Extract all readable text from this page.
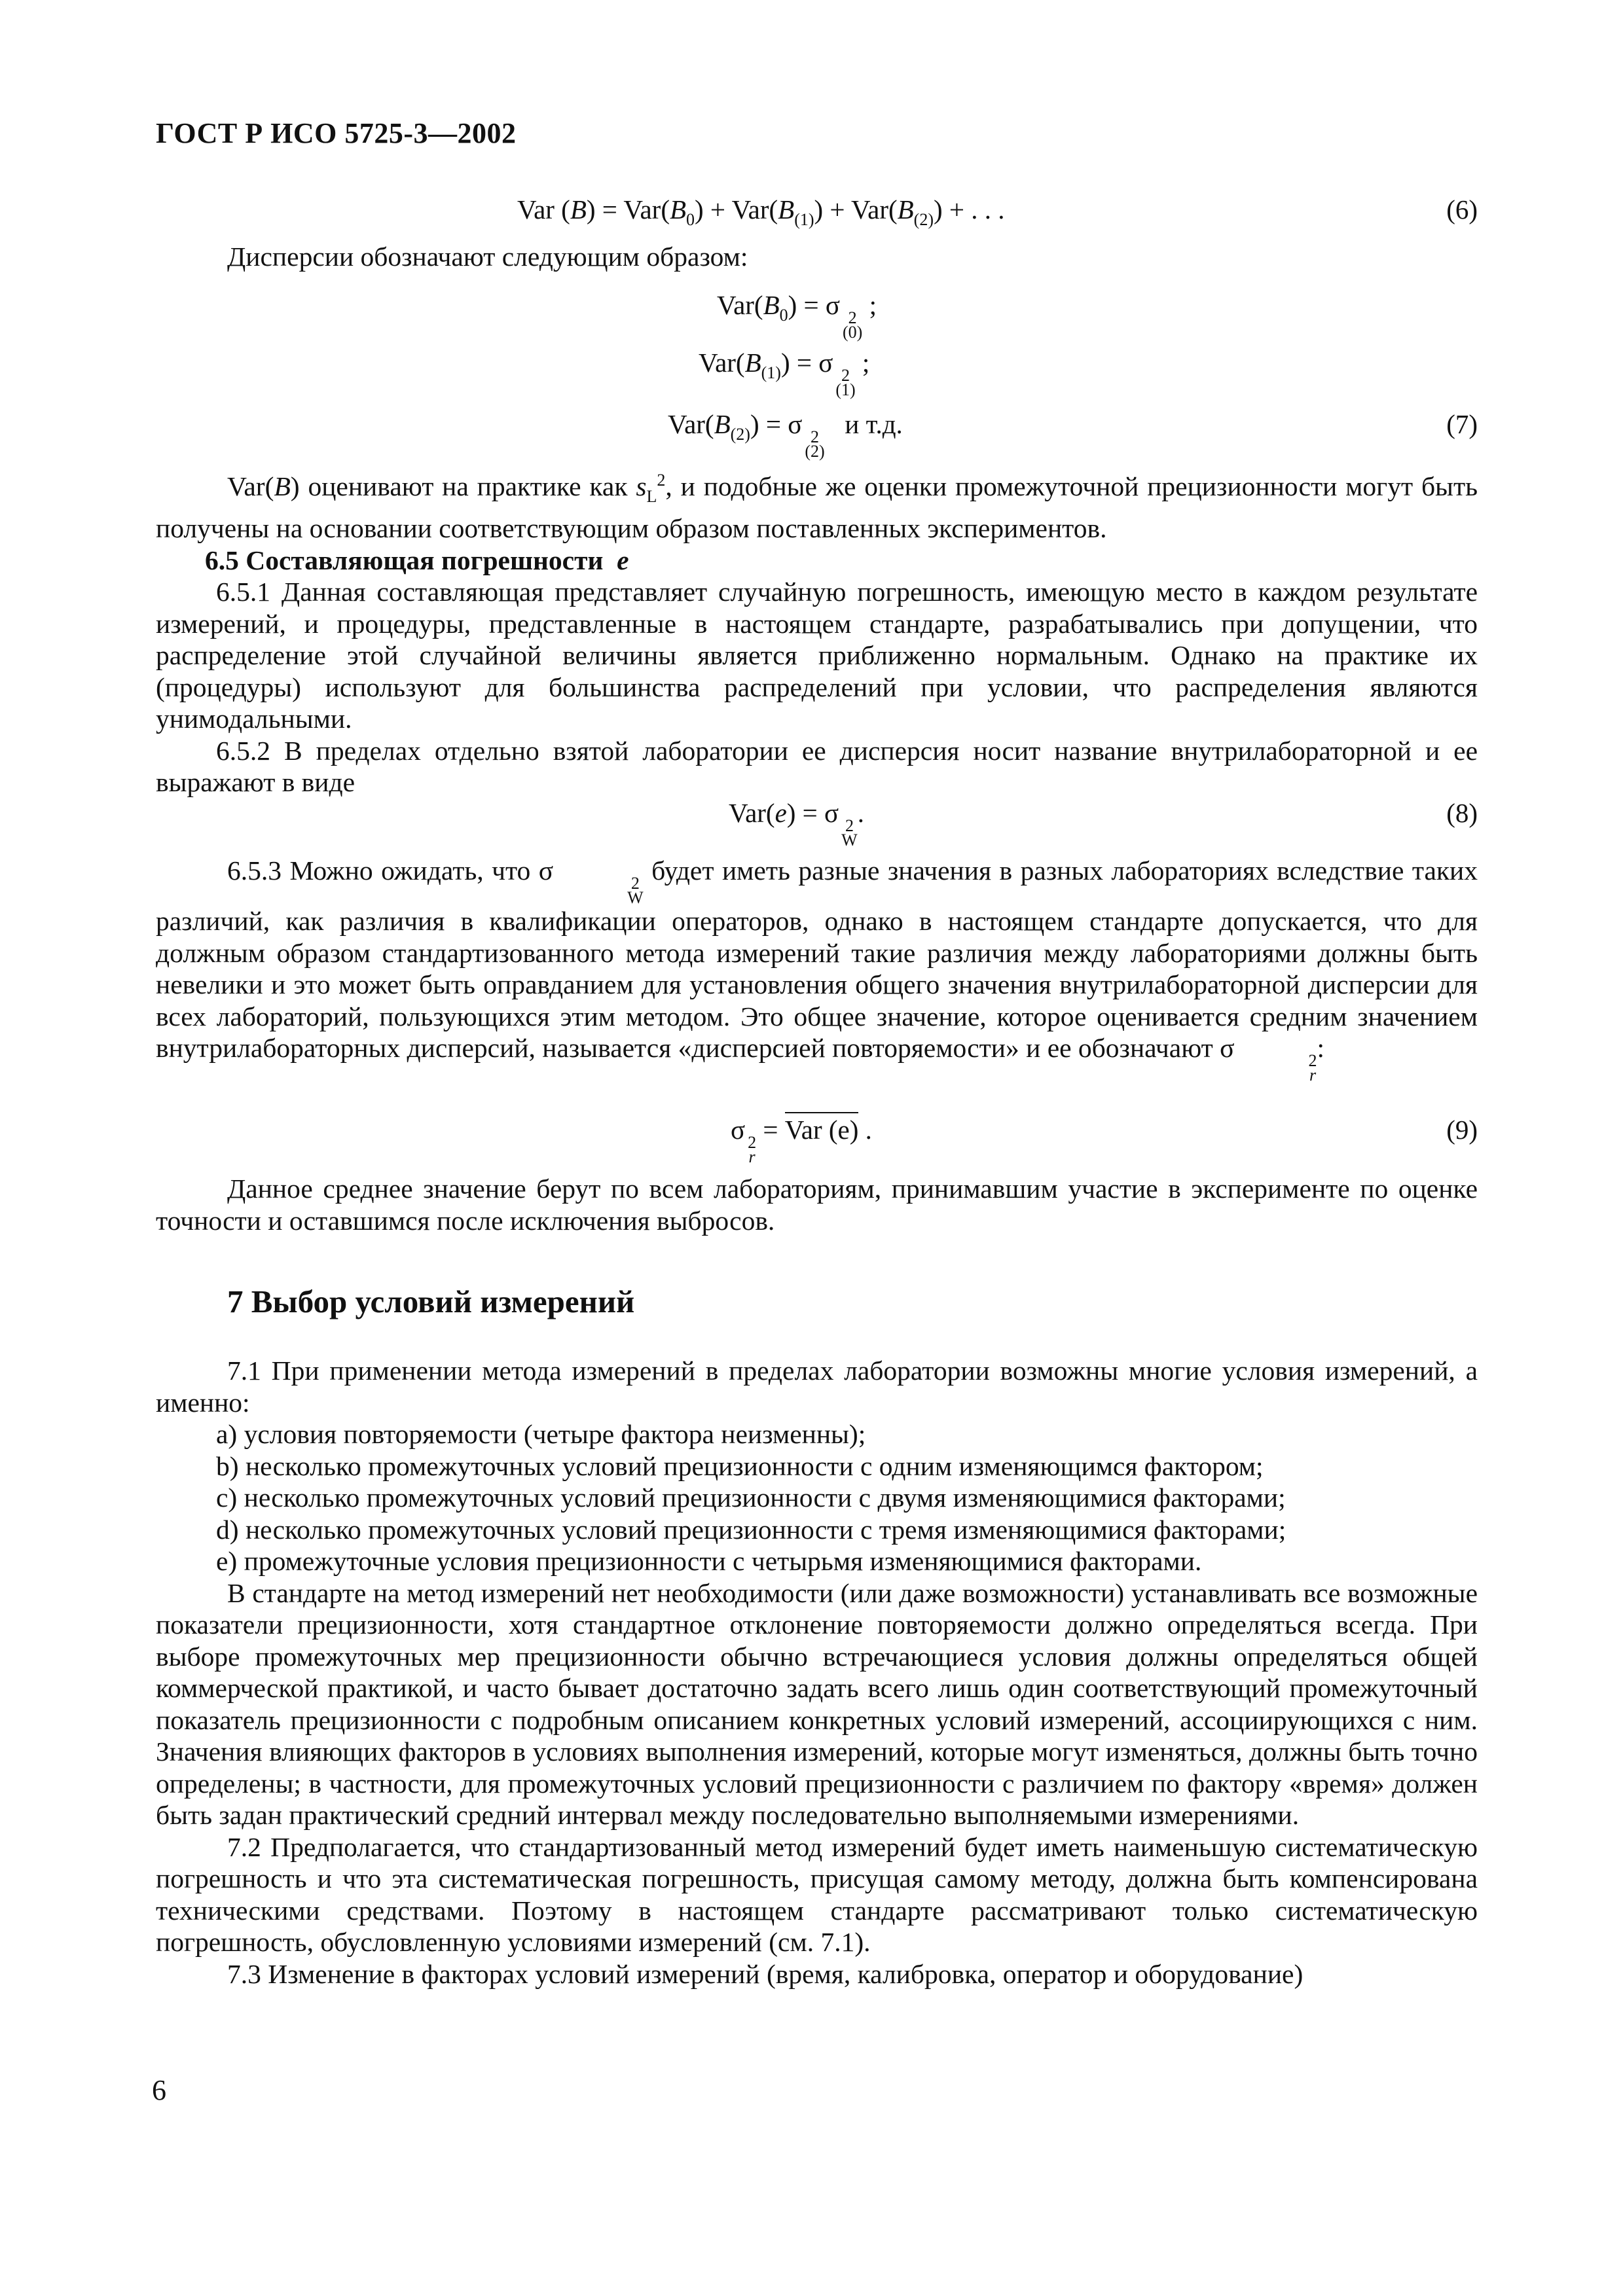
ГОСТ Р ИСО 5725-3—2002
Var $(B) = Var(B_0) + Var(B_{(1)}) + Var(B_{(2)})$ + . . .	(6)

Дисперсии обозначают следующим образом:

$Var(B_0) = \sigma$ 2
(0)
;
$Var(B_{(1)}) = \sigma$ 2
(1)
;
$Var(B_{(2)}) = \sigma$ 2
(2)
и т.д.	(7)

Var(B) оценивают на практике как $s_L^2$, и подобные же оценки промежуточной прецизионности могут быть получены на основании соответствующим образом поставленных экспериментов.

6.5 Составляющая погрешности e

6.5.1 Данная составляющая представляет случайную погрешность, имеющую место в каждом результате измерений, и процедуры, представленные в настоящем стандарте, разрабатывались при допущении, что распределение этой случайной величины является приближенно нормальным. Однако на практике их (процедуры) используют для большинства распределений при условии, что распределения являются унимодальными.

6.5.2 В пределах отдельно взятой лаборатории ее дисперсия носит название внутрилабораторной и ее выражают в виде

Var(e) = σ 2
W
.	(8)

6.5.3 Можно ожидать, что σ	2
W
будет иметь разные значения в разных лабораториях вследствие таких различий, как различия в квалификации операторов, однако в настоящем стандарте допускается, что для должным образом стандартизованного метода измерений такие различия между лабораториями должны быть невелики и это может быть оправданием для установления общего значения внутрилабораторной дисперсии для всех лабораторий, пользующихся этим методом. Это общее значение, которое оценивается средним значением внутрилабораторных дисперсий, называется «дисперсией повторяемости» и ее обозначают σ	2
r
:

σ 2
r
= Var (e) .	(9)

Данное среднее значение берут по всем лабораториям, принимавшим участие в эксперименте по оценке точности и оставшимся после исключения выбросов.

7 Выбор условий измерений

7.1 При применении метода измерений в пределах лаборатории возможны многие условия измерений, а именно:

a) условия повторяемости (четыре фактора неизменны);

b) несколько промежуточных условий прецизионности с одним изменяющимся фактором;

c) несколько промежуточных условий прецизионности с двумя изменяющимися факторами;

d) несколько промежуточных условий прецизионности с тремя изменяющимися факторами;

e) промежуточные условия прецизионности с четырьмя изменяющимися факторами.

В стандарте на метод измерений нет необходимости (или даже возможности) устанавливать все возможные показатели прецизионности, хотя стандартное отклонение повторяемости должно определяться всегда. При выборе промежуточных мер прецизионности обычно встречающиеся условия должны определяться общей коммерческой практикой, и часто бывает достаточно задать всего лишь один соответствующий промежуточный показатель прецизионности с подробным описанием конкретных условий измерений, ассоциирующихся с ним. Значения влияющих факторов в условиях выполнения измерений, которые могут изменяться, должны быть точно определены; в частности, для промежуточных условий прецизионности с различием по фактору «время» должен быть задан практический средний интервал между последовательно выполняемыми измерениями.

7.2 Предполагается, что стандартизованный метод измерений будет иметь наименьшую систематическую погрешность и что эта систематическая погрешность, присущая самому методу, должна быть компенсирована техническими средствами. Поэтому в настоящем стандарте рассматривают только систематическую погрешность, обусловленную условиями измерений (см. 7.1).

7.3 Изменение в факторах условий измерений (время, калибровка, оператор и оборудование)

6
